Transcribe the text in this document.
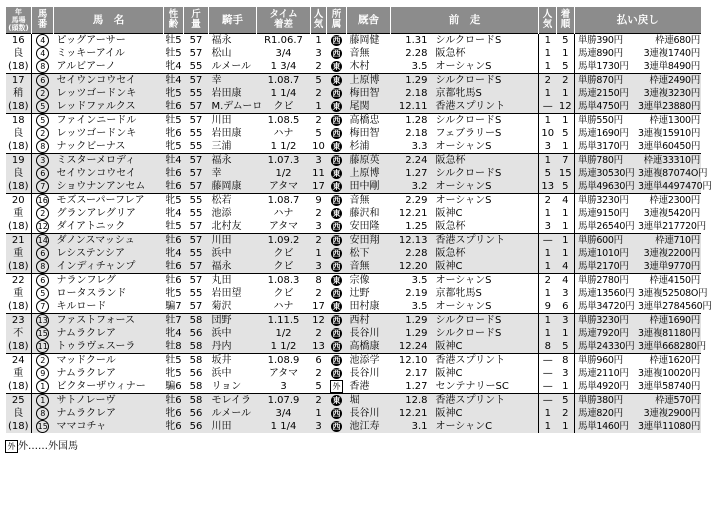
年
馬場
(頭数)	馬
番	馬　名	性
齢	斤
量	騎手	タイム
着差	人
気	所
属	厩舎	前　走	人
気	着
順	払い戻し

16
良
(18)	4	ピッグアーサー	牡5	57	福永	R1.06.7	1	西	藤岡健	1.31 シルクロードS	1	5	単勝390円 枠連680円
	4	ミッキーアイル	牡5	57	松山	3/4	3	西	音無	2.28 阪急杯	1	1	馬連890円 3連複1740円
	8	アルビアーノ	牝4	55	ルメール	1 3/4	2	東	木村	3.5 オーシャンS	1	5	馬単1730円 3連単8490円

17
稍
(18)	6	セイウンコウセイ	牡4	57	幸	1.08.7	5	東	上原博	1.29 シルクロードS	2	2	単勝870円 枠連2490円
	2	レッツゴードンキ	牝5	55	岩田康	1 1/4	2	西	梅田智	2.18 京都牝馬S	1	1	馬連2150円 3連複3230円
	5	レッドファルクス	牡6	57	M.デムーロ	クビ	1	東	尾関	12.11 香港スプリント	—	12	馬単4750円 3連単23880円

18
良
(18)	5	ファインニードル	牡5	57	川田	1.08.5	2	西	高橋忠	1.28 シルクロードS	1	1	単勝550円 枠連1300円
	2	レッツゴードンキ	牝6	55	岩田康	ハナ	5	西	梅田智	2.18 フェブラリーS	10	5	馬連1690円 3連複15910円
	8	ナックビーナス	牝5	55	三浦	1 1/2	10	東	杉浦	3.3 オーシャンS	3	1	馬単3170円 3連単60450円

19
良
(18)	3	ミスターメロディ	牡4	57	福永	1.07.3	3	西	藤原英	2.24 阪急杯	1	7	単勝780円 枠連33310円
	6	セイウンコウセイ	牡6	57	幸	1/2	11	東	上原博	1.27 シルクロードS	5	15	馬連30530円 3連複87074O円
	7	ショウナンアンセム	牡6	57	藤岡康	アタマ	17	東	田中剛	3.2 オーシャンS	13	5	馬単49630円 3連単4497470円

20
重
(18)	16	モズスーパーフレア	牝5	55	松若	1.08.7	9	西	音無	2.29 オーシャンS	2	4	単勝3230円 枠連2300円
	2	グランアレグリア	牝4	55	池添	ハナ	2	東	藤沢和	12.21 阪神C	1	1	馬連9150円 3連複5420円
	12	ダイアトニック	牡5	57	北村友	アタマ	3	西	安田隆	1.25 阪急杯	3	1	馬単26540円 3連単217720円

21
重
(18)	14	ダノンスマッシュ	牡6	57	川田	1.09.2	2	西	安田翔	12.13 香港スプリント	—	1	単勝600円 枠連710円
	6	レシステンシア	牝4	55	浜中	クビ	1	西	松下	2.28 阪急杯	1	1	馬連1010円 3連複2200円
	8	インディチャンプ	牡6	57	福永	クビ	3	西	音無	12.20 阪神C	1	4	馬単2170円 3連単9770円

22
重
(18)	6	ナランフレグ	牡6	57	丸田	1.08.3	8	東	宗像	3.5 オーシャンS	2	4	単勝2780円 枠連4150円
	5	ロータスランド	牝5	55	岩田望	クビ	2	西	辻野	2.19 京都牝馬S	1	3	馬連13560円 3連複52508O円
	7	キルロード	騙7	57	菊沢	ハナ	17	東	田村康	3.5 オーシャンS	9	6	馬単34720円 3連単2784560円

23
不
(18)	13	ファストフォース	牡7	58	団野	1.11.5	12	西	西村	1.29 シルクロードS	1	3	単勝3230円 枠連1690円
	15	ナムラクレア	牝4	56	浜中	1/2	2	西	長谷川	1.29 シルクロードS	1	1	馬連7920円 3連複81180円
	11	トゥラヴェスーラ	牡8	58	丹内	1 1/2	13	西	高橋康	12.24 阪神C	8	5	馬単24330円 3連単668280円

24
重
(18)	2	マッドクール	牡5	58	坂井	1.08.9	6	西	池添学	12.10 香港スプリント	—	8	単勝960円 枠連1620円
	9	ナムラクレア	牝5	56	浜中	アタマ	2	西	長谷川	2.17 阪神C	—	3	馬連2110円 3連複10020円
	1	ビクターザウィナー	騙6	58	リョン	3	5	外	香港	1.27 センテナリーSC	—	1	馬単4920円 3連単58740円

25
良
(18)	1	サトノレーヴ	牡6	58	モレイラ	1.07.9	2	東	堀	12.8 香港スプリント	—	5	単勝380円 枠連570円
	8	ナムラクレア	牝6	56	ルメール	3/4	1	西	長谷川	12.21 阪神C	1	2	馬連820円 3連複2900円
	15	ママコチャ	牝6	56	川田	1 1/4	3	西	池江寿	3.1 オーシャンC	1	1	馬単1460円 3連単11080円
外 外……外国馬
